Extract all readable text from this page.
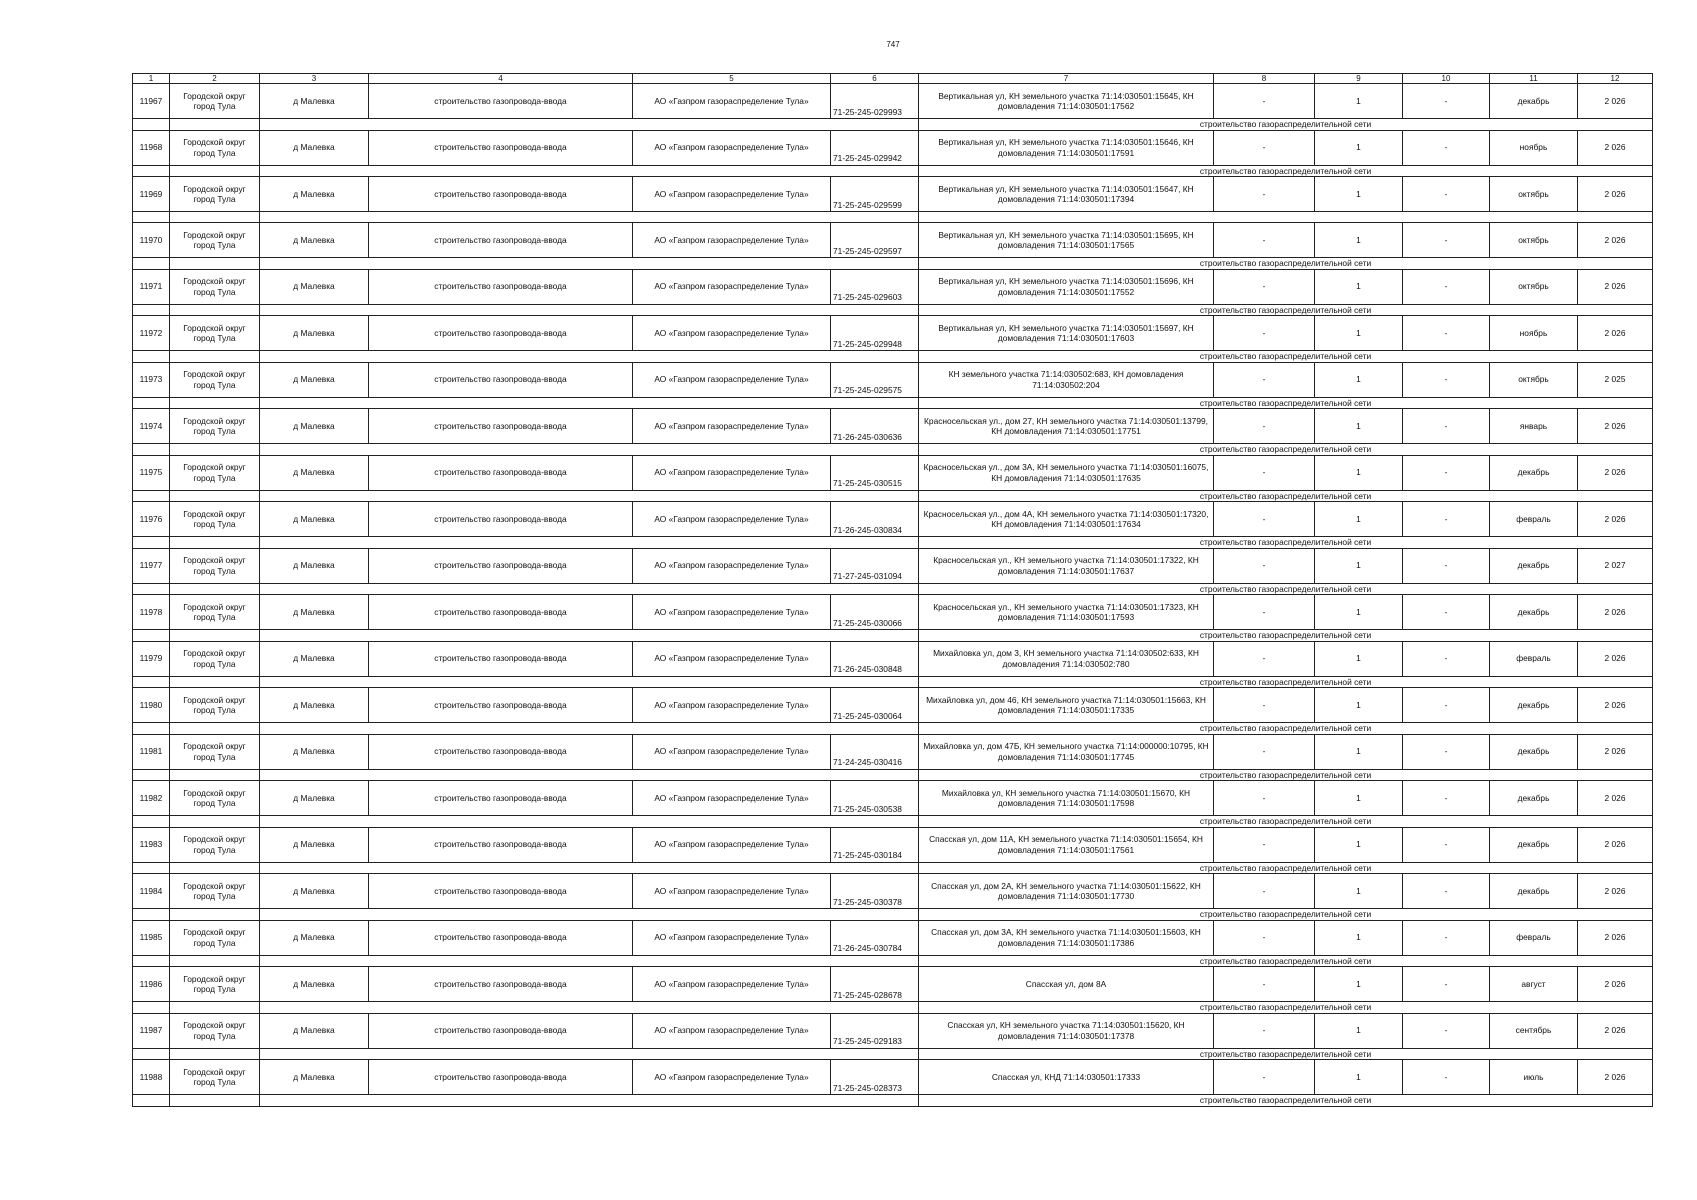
747
1	2	3	4	5	6	7	8	9	10	11	12
11967	Городской округ город Тула	д Малевка	строительство газопровода-ввода	АО «Газпром газораспределение Тула»	71-25-245-029993	Вертикальная ул, КН земельного участка 71:14:030501:15645, КН домовладения 71:14:030501:17562	-	1	-	декабрь	2 026
						строительство газораспределительной сети					
11968	Городской округ город Тула	д Малевка	строительство газопровода-ввода	АО «Газпром газораспределение Тула»	71-25-245-029942	Вертикальная ул, КН земельного участка 71:14:030501:15646, КН домовладения 71:14:030501:17591	-	1	-	ноябрь	2 026
						строительство газораспределительной сети					
11969	Городской округ город Тула	д Малевка	строительство газопровода-ввода	АО «Газпром газораспределение Тула»	71-25-245-029599	Вертикальная ул, КН земельного участка 71:14:030501:15647, КН домовладения 71:14:030501:17394	-	1	-	октябрь	2 026

11970	Городской округ город Тула	д Малевка	строительство газопровода-ввода	АО «Газпром газораспределение Тула»	71-25-245-029597	Вертикальная ул, КН земельного участка 71:14:030501:15695, КН домовладения 71:14:030501:17565	-	1	-	октябрь	2 026
						строительство газораспределительной сети					
11971	Городской округ город Тула	д Малевка	строительство газопровода-ввода	АО «Газпром газораспределение Тула»	71-25-245-029603	Вертикальная ул, КН земельного участка 71:14:030501:15696, КН домовладения 71:14:030501:17552	-	1	-	октябрь	2 026
						строительство газораспределительной сети					
11972	Городской округ город Тула	д Малевка	строительство газопровода-ввода	АО «Газпром газораспределение Тула»	71-25-245-029948	Вертикальная ул, КН земельного участка 71:14:030501:15697, КН домовладения 71:14:030501:17603	-	1	-	ноябрь	2 026
						строительство газораспределительной сети					
11973	Городской округ город Тула	д Малевка	строительство газопровода-ввода	АО «Газпром газораспределение Тула»	71-25-245-029575	КН земельного участка 71:14:030502:683, КН домовладения 71:14:030502:204	-	1	-	октябрь	2 025
						строительство газораспределительной сети					
11974	Городской округ город Тула	д Малевка	строительство газопровода-ввода	АО «Газпром газораспределение Тула»	71-26-245-030636	Красносельская ул., дом 27, КН земельного участка 71:14:030501:13799, КН домовладения 71:14:030501:17751	-	1	-	январь	2 026
						строительство газораспределительной сети					
11975	Городской округ город Тула	д Малевка	строительство газопровода-ввода	АО «Газпром газораспределение Тула»	71-25-245-030515	Красносельская ул., дом 3А, КН земельного участка 71:14:030501:16075, КН домовладения 71:14:030501:17635	-	1	-	декабрь	2 026
						строительство газораспределительной сети					
11976	Городской округ город Тула	д Малевка	строительство газопровода-ввода	АО «Газпром газораспределение Тула»	71-26-245-030834	Красносельская ул., дом 4А, КН земельного участка 71:14:030501:17320, КН домовладения 71:14:030501:17634	-	1	-	февраль	2 026
						строительство газораспределительной сети					
11977	Городской округ город Тула	д Малевка	строительство газопровода-ввода	АО «Газпром газораспределение Тула»	71-27-245-031094	Красносельская ул., КН земельного участка 71:14:030501:17322, КН домовладения 71:14:030501:17637	-	1	-	декабрь	2 027
						строительство газораспределительной сети					
11978	Городской округ город Тула	д Малевка	строительство газопровода-ввода	АО «Газпром газораспределение Тула»	71-25-245-030066	Красносельская ул., КН земельного участка 71:14:030501:17323, КН домовладения 71:14:030501:17593	-	1	-	декабрь	2 026
						строительство газораспределительной сети					
11979	Городской округ город Тула	д Малевка	строительство газопровода-ввода	АО «Газпром газораспределение Тула»	71-26-245-030848	Михайловка ул, дом 3, КН земельного участка 71:14:030502:633, КН домовладения 71:14:030502:780	-	1	-	февраль	2 026
						строительство газораспределительной сети					
11980	Городской округ город Тула	д Малевка	строительство газопровода-ввода	АО «Газпром газораспределение Тула»	71-25-245-030064	Михайловка ул, дом 46, КН земельного участка 71:14:030501:15663, КН домовладения 71:14:030501:17335	-	1	-	декабрь	2 026
						строительство газораспределительной сети					
11981	Городской округ город Тула	д Малевка	строительство газопровода-ввода	АО «Газпром газораспределение Тула»	71-24-245-030416	Михайловка ул, дом 47Б, КН земельного участка 71:14:000000:10795, КН домовладения 71:14:030501:17745	-	1	-	декабрь	2 026
						строительство газораспределительной сети					
11982	Городской округ город Тула	д Малевка	строительство газопровода-ввода	АО «Газпром газораспределение Тула»	71-25-245-030538	Михайловка ул, КН земельного участка 71:14:030501:15670, КН домовладения 71:14:030501:17598	-	1	-	декабрь	2 026
						строительство газораспределительной сети					
11983	Городской округ город Тула	д Малевка	строительство газопровода-ввода	АО «Газпром газораспределение Тула»	71-25-245-030184	Спасская ул, дом 11А, КН земельного участка 71:14:030501:15654, КН домовладения 71:14:030501:17561	-	1	-	декабрь	2 026
						строительство газораспределительной сети					
11984	Городской округ город Тула	д Малевка	строительство газопровода-ввода	АО «Газпром газораспределение Тула»	71-25-245-030378	Спасская ул, дом 2А, КН земельного участка 71:14:030501:15622, КН домовладения 71:14:030501:17730	-	1	-	декабрь	2 026
						строительство газораспределительной сети					
11985	Городской округ город Тула	д Малевка	строительство газопровода-ввода	АО «Газпром газораспределение Тула»	71-26-245-030784	Спасская ул, дом 3А, КН земельного участка 71:14:030501:15603, КН домовладения 71:14:030501:17386	-	1	-	февраль	2 026
						строительство газораспределительной сети					
11986	Городской округ город Тула	д Малевка	строительство газопровода-ввода	АО «Газпром газораспределение Тула»	71-25-245-028678	Спасская ул, дом 8А	-	1	-	август	2 026
						строительство газораспределительной сети					
11987	Городской округ город Тула	д Малевка	строительство газопровода-ввода	АО «Газпром газораспределение Тула»	71-25-245-029183	Спасская ул, КН земельного участка 71:14:030501:15620, КН домовладения 71:14:030501:17378	-	1	-	сентябрь	2 026
						строительство газораспределительной сети					
11988	Городской округ город Тула	д Малевка	строительство газопровода-ввода	АО «Газпром газораспределение Тула»	71-25-245-028373	Спасская ул, КНД 71:14:030501:17333	-	1	-	июль	2 026
						строительство газораспределительной сети					
